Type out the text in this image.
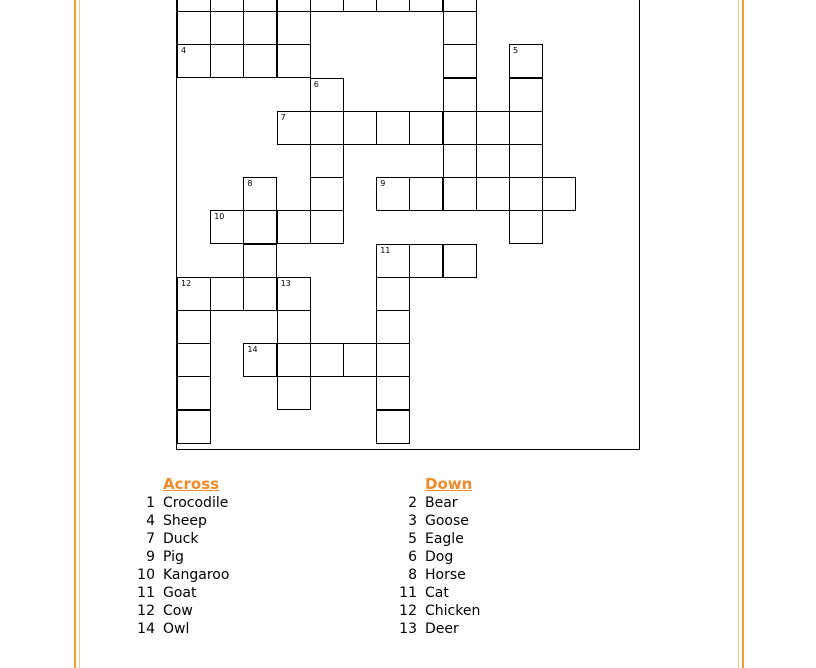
4	5
6
7
8	9
10
11
12	13
14
Across
1 Crocodile
4 Sheep
7 Duck
9 Pig
10 Kangaroo
11 Goat
12 Cow
14 Owl
Down
2 Bear
3 Goose
5 Eagle
6 Dog
8 Horse
11 Cat
12 Chicken
13 Deer
